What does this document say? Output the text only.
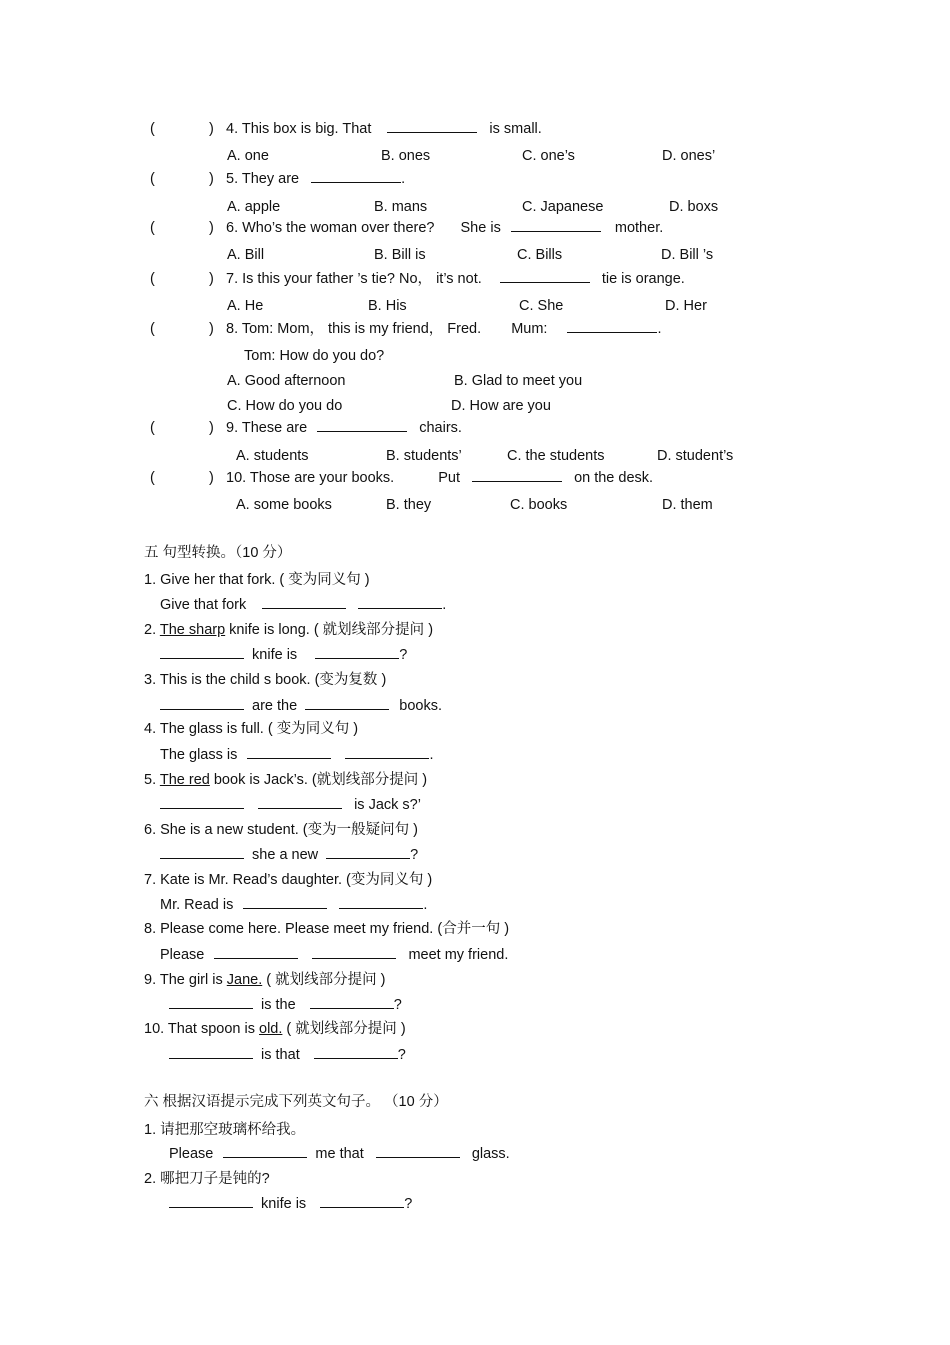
(	) 4. This box is big. That	is small.
A. one	B. ones	C. one’s	D. ones’
(	) 5. They are	.
A. apple	B. mans	C. Japanese	D. boxs
(	) 6. Who’s the woman over there? She is	mother.
A. Bill	B. Bill is	C. Bills	D. Bill ’s
(	) 7. Is this your father ’s tie? No， it’s not.	tie is orange.
A. He	B. His	C. She	D. Her
(	) 8. Tom: Mom， this is my friend， Fred. Mum:	.
Tom: How do you do?
A. Good afternoon	B. Glad to meet you
C. How do you do	D. How are you
(	) 9. These are	chairs.
A. students	B. students’	C. the students	D. student’s
(	) 10. Those are your books.	Put	on the desk.
A. some books	B. they	C. books	D. them
五 句型转换。（10 分）
1. Give her that fork. ( 变为同义句 )
Give that fork	.
2. The sharp knife is long. ( 就划线部分提问 )
knife is	?
3. This is the child s book. (变为复数 )
are the	books.
4. The glass is full. ( 变为同义句 )
The glass is	.
5. The red book is Jack’s. (就划线部分提问 )
is Jack s?’
6. She is a new student. (变为一般疑问句 )
she a new	?
7. Kate is Mr. Read’s daughter. (变为同义句 )
Mr. Read is	.
8. Please come here. Please meet my friend. (合并一句 )
Please	meet my friend.
9. The girl is Jane. ( 就划线部分提问 )
is the	?
10. That spoon is old. ( 就划线部分提问 )
is that	?
六 根据汉语提示完成下列英文句子。 （10 分）
1. 请把那空玻璃杯给我。
Please	me that	glass.
2. 哪把刀子是钝的?
knife is	?
